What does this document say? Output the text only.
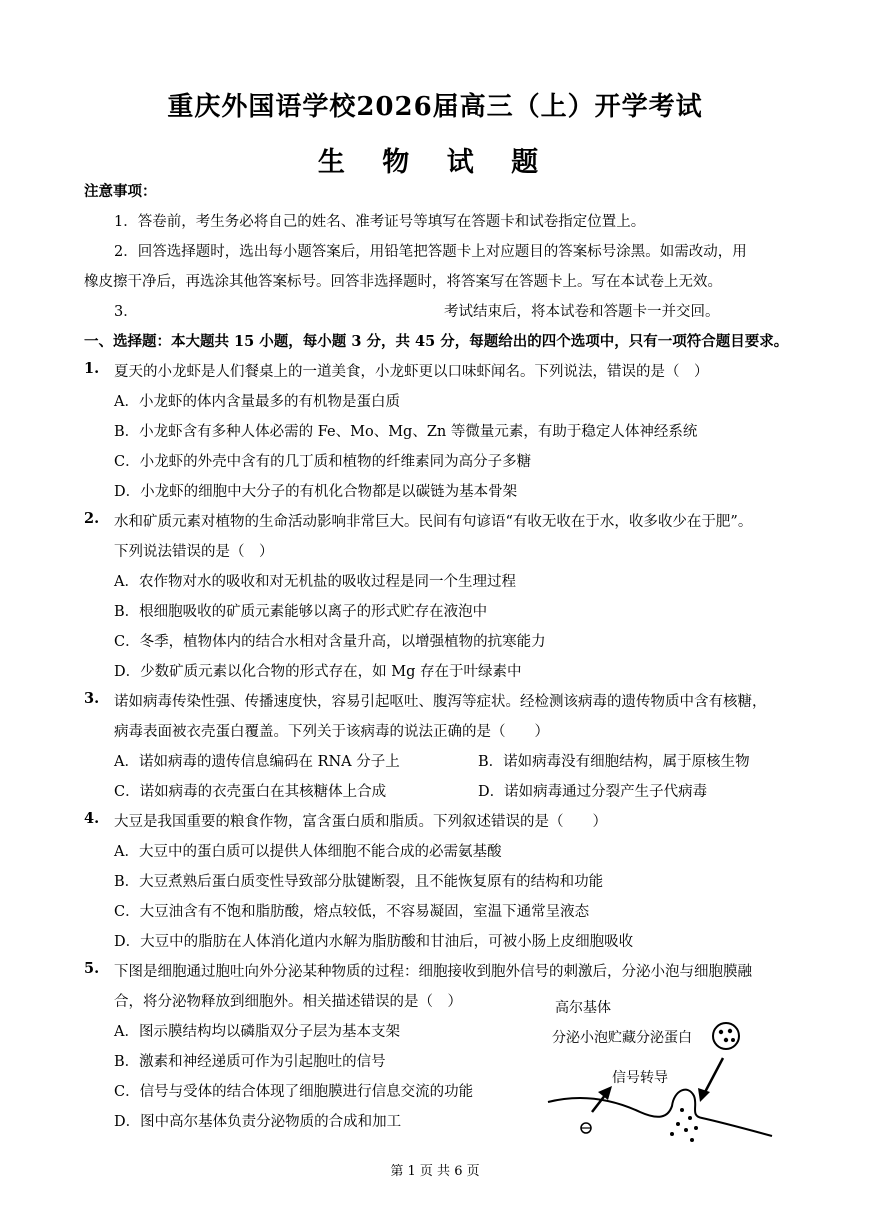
重庆外国语学校2026届高三（上）开学考试
生 物 试 题
注意事项：
1．答卷前，考生务必将自己的姓名、准考证号等填写在答题卡和试卷指定位置上。
2．回答选择题时，选出每小题答案后，用铅笔把答题卡上对应题目的答案标号涂黑。如需改动，用
橡皮擦干净后，再选涂其他答案标号。回答非选择题时，将答案写在答题卡上。写在本试卷上无效。
3．	考试结束后，将本试卷和答题卡一并交回。
一、选择题：本大题共 15 小题，每小题 3 分，共 45 分，每题给出的四个选项中，只有一项符合题目要求。
1. 夏天的小龙虾是人们餐桌上的一道美食，小龙虾更以口味虾闻名。下列说法，错误的是（　）
A．小龙虾的体内含量最多的有机物是蛋白质
B．小龙虾含有多种人体必需的 Fe、Mo、Mg、Zn 等微量元素，有助于稳定人体神经系统
C．小龙虾的外壳中含有的几丁质和植物的纤维素同为高分子多糖
D．小龙虾的细胞中大分子的有机化合物都是以碳链为基本骨架
2. 水和矿质元素对植物的生命活动影响非常巨大。民间有句谚语“有收无收在于水，收多收少在于肥”。
下列说法错误的是（　）
A．农作物对水的吸收和对无机盐的吸收过程是同一个生理过程
B．根细胞吸收的矿质元素能够以离子的形式贮存在液泡中
C．冬季，植物体内的结合水相对含量升高，以增强植物的抗寒能力
D．少数矿质元素以化合物的形式存在，如 Mg 存在于叶绿素中
3. 诺如病毒传染性强、传播速度快，容易引起呕吐、腹泻等症状。经检测该病毒的遗传物质中含有核糖，
病毒表面被衣壳蛋白覆盖。下列关于该病毒的说法正确的是（　　）
A．诺如病毒的遗传信息编码在 RNA 分子上	B．诺如病毒没有细胞结构，属于原核生物
C．诺如病毒的衣壳蛋白在其核糖体上合成	D．诺如病毒通过分裂产生子代病毒
4. 大豆是我国重要的粮食作物，富含蛋白质和脂质。下列叙述错误的是（　　）
A．大豆中的蛋白质可以提供人体细胞不能合成的必需氨基酸
B．大豆煮熟后蛋白质变性导致部分肽键断裂，且不能恢复原有的结构和功能
C．大豆油含有不饱和脂肪酸，熔点较低，不容易凝固，室温下通常呈液态
D．大豆中的脂肪在人体消化道内水解为脂肪酸和甘油后，可被小肠上皮细胞吸收
5. 下图是细胞通过胞吐向外分泌某种物质的过程：细胞接收到胞外信号的刺激后，分泌小泡与细胞膜融
合，将分泌物释放到细胞外。相关描述错误的是（　）
A．图示膜结构均以磷脂双分子层为基本支架
B．激素和神经递质可作为引起胞吐的信号
C．信号与受体的结合体现了细胞膜进行信息交流的功能
D．图中高尔基体负责分泌物质的合成和加工
高尔基体
分泌小泡贮藏分泌蛋白
信号转导
第 1 页 共 6 页
